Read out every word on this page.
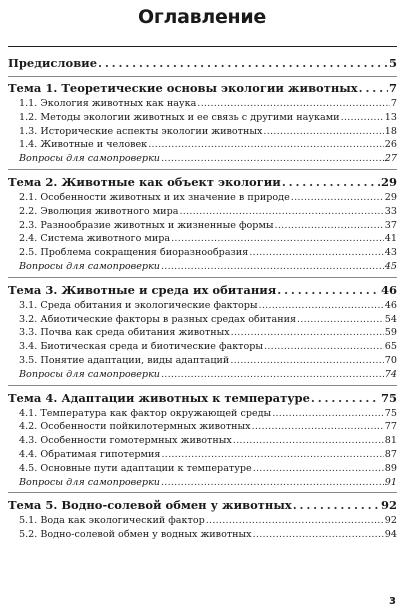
Оглавление
Предисловие . . .	5
Тема 1. Теоретические основы экологии животных . . .	7
1.1. Экология животных как наука . . .	7
1.2. Методы экологии животных и ее связь с другими науками . . .	13
1.3. Исторические аспекты экологии животных . . .	18
1.4. Животные и человек . . .	26
Вопросы для самопроверки . . .	27
Тема 2. Животные как объект экологии . . .	29
2.1. Особенности животных и их значение в природе . . .	29
2.2. Эволюция животного мира . . .	33
2.3. Разнообразие животных и жизненные формы . . .	37
2.4. Система животного мира . . .	41
2.5. Проблема сокращения биоразнообразия . . .	43
Вопросы для самопроверки . . .	45
Тема 3. Животные и среда их обитания . . .	46
3.1. Среда обитания и экологические факторы . . .	46
3.2. Абиотические факторы в разных средах обитания . . .	54
3.3. Почва как среда обитания животных . . .	59
3.4. Биотическая среда и биотические факторы . . .	65
3.5. Понятие адаптации, виды адаптаций . . .	70
Вопросы для самопроверки . . .	74
Тема 4. Адаптации животных к температуре . . .	75
4.1. Температура как фактор окружающей среды . . .	75
4.2. Особенности пойкилотермных животных . . .	77
4.3. Особенности гомотермных животных . . .	81
4.4. Обратимая гипотермия . . .	87
4.5. Основные пути адаптации к температуре . . .	89
Вопросы для самопроверки . . .	91
Тема 5. Водно-солевой обмен у животных . . .	92
5.1. Вода как экологический фактор . . .	92
5.2. Водно-солевой обмен у водных животных . . .	94
3
